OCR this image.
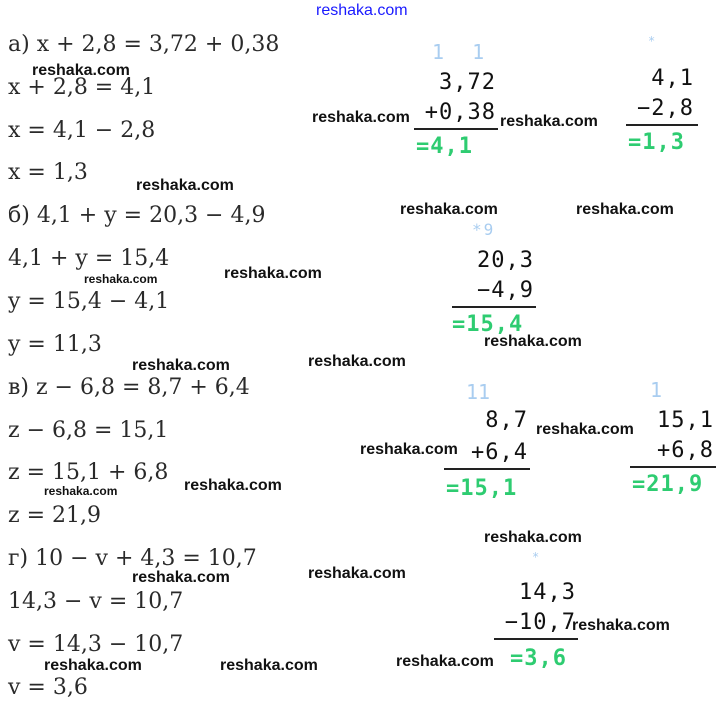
reshaka.com
а) x + 2,8 = 3,72 + 0,38
x + 2,8 = 4,1
x = 4,1 − 2,8
x = 1,3
б) 4,1 + y = 20,3 − 4,9
4,1 + y = 15,4
y = 15,4 − 4,1
y = 11,3
в) z − 6,8 = 8,7 + 6,4
z − 6,8 = 15,1
z = 15,1 + 6,8
z = 21,9
г) 10 − v + 4,3 = 10,7
14,3 − v = 10,7
v = 14,3 − 10,7
v = 3,6
1 1
3,72
+0,38
=4,1
*
4,1
−2,8
=1,3
*9
20,3
−4,9
=15,4
11
8,7
+6,4
=15,1
1
15,1
+6,8
=21,9
*
14,3
−10,7
=3,6
reshaka.com
reshaka.com	reshaka.com
reshaka.com
reshaka.com	reshaka.com
reshaka.com
reshaka.com
reshaka.com
reshaka.com	reshaka.com
reshaka.com
reshaka.com
reshaka.com
reshaka.com
reshaka.com
reshaka.com
reshaka.com
reshaka.com
reshaka.com
reshaka.com	reshaka.com
